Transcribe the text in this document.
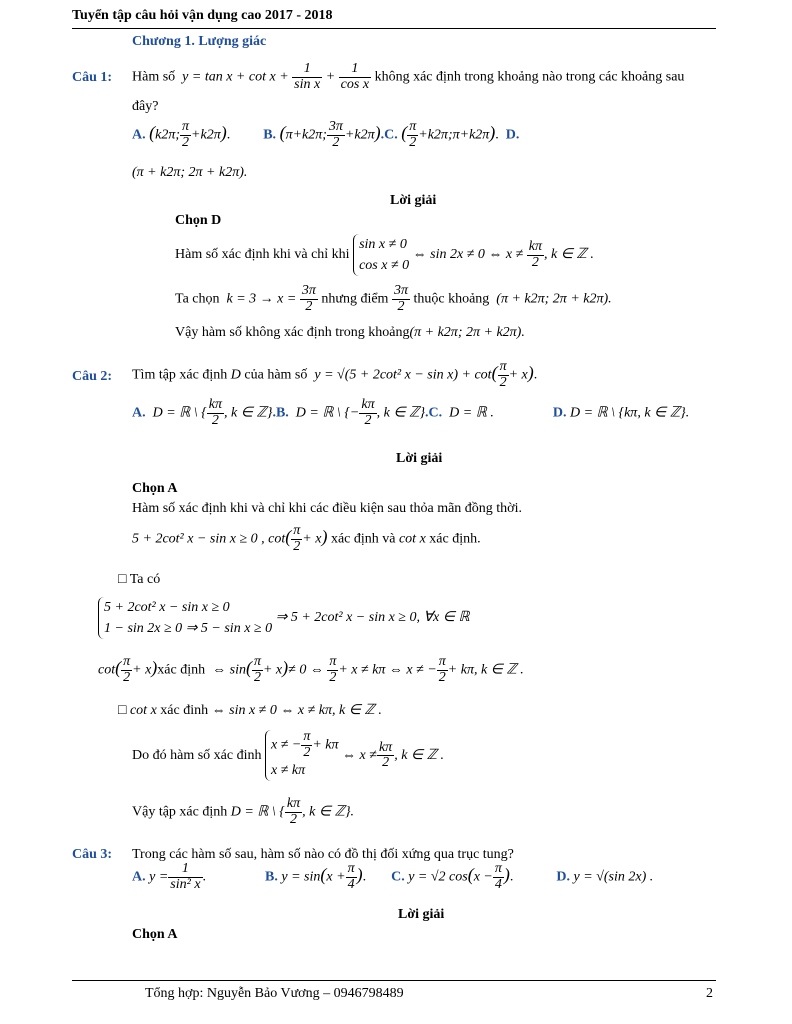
Tuyển tập câu hỏi vận dụng cao 2017 - 2018
Chương 1. Lượng giác
Câu 1: Hàm số  $y = \tan x + \cot x + \frac{1}{\text{sin x}} + \frac{1}{\text{cos x}}$ không xác định trong khoảng nào trong các khoảng sau
đây?
A. (k2π; $\frac{\pi}{2} +k2\pi$).  B. (π+k2π; $\frac{3\pi}{2} +k2\pi).C$. ( $\frac{\pi}{2}$ +k2π;π+k2π).  D.
(π + k2π; 2π + k2π).
Lời giải
Chọn D
Hàm số xác định khi và chỉ khi sin x ≠ 0
cos x ≠ 0 ⇔ sin 2x ≠ 0 ⇔ $x \ne \frac{k\pi}{2}$ , k ∈ ℤ .
Ta chọn  $k = 3 \to x = \frac{3\pi}{2}$ nhưng điểm $\frac{3\pi}{2}$ thuộc khoảng  (π + k2π; 2π + k2π).
Vậy hàm số không xác định trong khoảng(π + k2π; 2π + k2π).
Câu 2: Tìm tập xác định D của hàm số  y = √(5 + 2cot² $x - \sin x) + \cot( \frac{\pi}{2} + x)$.
A.  D = ℝ \ { $\frac{k\pi}{2}$ , k ∈ ℤ}.B.  D = ℝ \ {− $\frac{k\pi}{2}$ , k ∈ ℤ}.C.  D = ℝ .	D. D = ℝ \ {kπ, k ∈ ℤ}.
Lời giải
Chọn A
Hàm số xác định khi và chỉ khi các điều kiện sau thỏa mãn đồng thời.
5 + 2cot² x − sin x ≥ 0 , $\cot( \frac{\pi}{2} + x)$ xác định và cot x xác định.
□ Ta có
5 + 2cot² x − sin x ≥ 0
1 − sin 2x ≥ 0 ⇒ 5 − sin x ≥ 0 ⇒ 5 + 2cot² x − sin x ≥ 0, ∀x ∈ ℝ
$\cot( \frac{\pi}{2}$ + x)xác định  ⇔ $\sin( \frac{\pi}{2} + x)\ne 0$ ⇔ $\frac{\pi}{2} + x \ne k\pi$ ⇔ x ≠ − $\frac{\pi}{2} + k\pi$, k ∈ ℤ .
□ cot x xác đinh ⇔ sin x ≠ 0 ⇔ x ≠ kπ, k ∈ ℤ .
Do đó hàm số xác đinh x ≠ − $\frac{\pi}{2} + k\pi$
x ≠ kπ ⇔ $x \ne \frac{k\pi}{2}$ , k ∈ ℤ .
Vậy tập xác định D = ℝ \ { $\frac{k\pi}{2}$ , k ∈ ℤ}.
Câu 3: Trong các hàm số sau, hàm số nào có đồ thị đối xứng qua trục tung?
A. $y = \frac{1}{\text{sin² x}}$ .	B. $y = \sin(x + \frac{\pi}{4}$ ).  C. y = √2 $\cos(x - \frac{\pi}{4}$ ).	D. y = √(sin 2x) .
Lời giải
Chọn A
Tổng hợp: Nguyễn Bảo Vương – 0946798489	2
